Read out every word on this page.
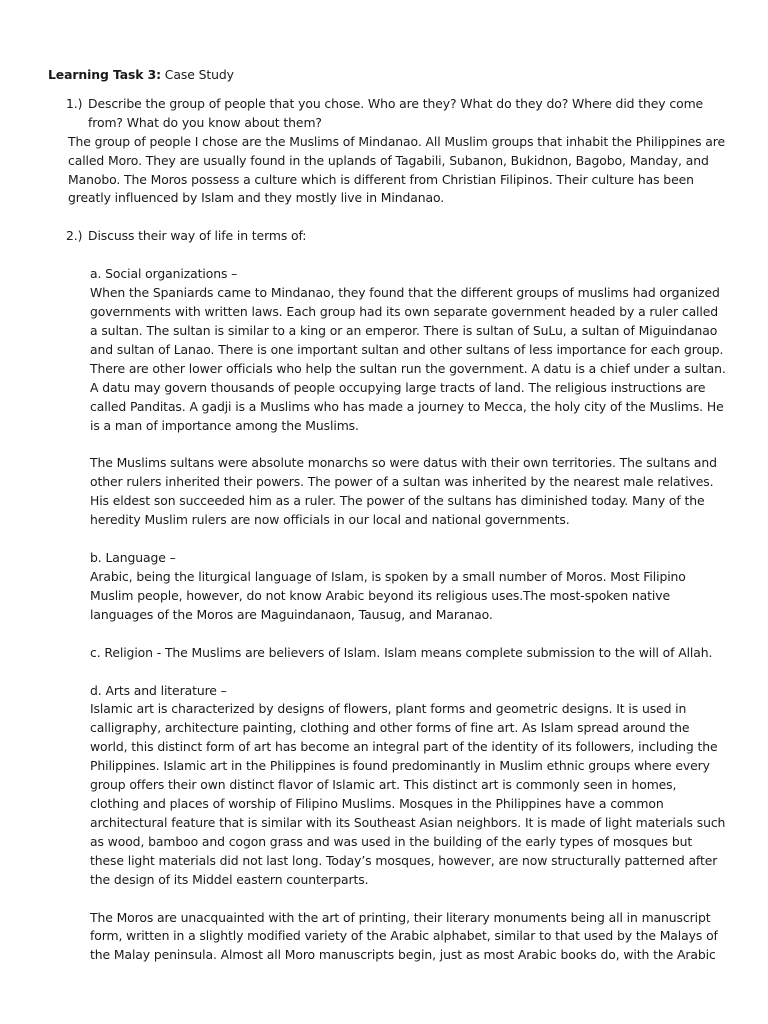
Learning Task 3: Case Study

1.) Describe the group of people that you chose. Who are they? What do they do? Where did they come from? What do you know about them?

The group of people I chose are the Muslims of Mindanao. All Muslim groups that inhabit the Philippines are called Moro. They are usually found in the uplands of Tagabili, Subanon, Bukidnon, Bagobo, Manday, and Manobo. The Moros possess a culture which is different from Christian Filipinos. Their culture has been greatly influenced by Islam and they mostly live in Mindanao.

2.) Discuss their way of life in terms of:

a. Social organizations –

When the Spaniards came to Mindanao, they found that the different groups of muslims had organized governments with written laws. Each group had its own separate government headed by a ruler called a sultan. The sultan is similar to a king or an emperor. There is sultan of SuLu, a sultan of Miguindanao and sultan of Lanao. There is one important sultan and other sultans of less importance for each group. There are other lower officials who help the sultan run the government. A datu is a chief under a sultan. A datu may govern thousands of people occupying large tracts of land. The religious instructions are called Panditas. A gadji is a Muslims who has made a journey to Mecca, the holy city of the Muslims. He is a man of importance among the Muslims.

The Muslims sultans were absolute monarchs so were datus with their own territories. The sultans and other rulers inherited their powers. The power of a sultan was inherited by the nearest male relatives. His eldest son succeeded him as a ruler. The power of the sultans has diminished today. Many of the heredity Muslim rulers are now officials in our local and national governments.

b. Language –

Arabic, being the liturgical language of Islam, is spoken by a small number of Moros. Most Filipino Muslim people, however, do not know Arabic beyond its religious uses.The most-spoken native languages of the Moros are Maguindanaon, Tausug, and Maranao.

c. Religion - The Muslims are believers of Islam. Islam means complete submission to the will of Allah.

d. Arts and literature –

Islamic art is characterized by designs of flowers, plant forms and geometric designs. It is used in calligraphy, architecture painting, clothing and other forms of fine art. As Islam spread around the world, this distinct form of art has become an integral part of the identity of its followers, including the Philippines. Islamic art in the Philippines is found predominantly in Muslim ethnic groups where every group offers their own distinct flavor of Islamic art. This distinct art is commonly seen in homes, clothing and places of worship of Filipino Muslims. Mosques in the Philippines have a common architectural feature that is similar with its Southeast Asian neighbors. It is made of light materials such as wood, bamboo and cogon grass and was used in the building of the early types of mosques but these light materials did not last long. Today’s mosques, however, are now structurally patterned after the design of its Middel eastern counterparts.

The Moros are unacquainted with the art of printing, their literary monuments being all in manuscript form, written in a slightly modified variety of the Arabic alphabet, similar to that used by the Malays of the Malay peninsula. Almost all Moro manuscripts begin, just as most Arabic books do, with the Arabic
